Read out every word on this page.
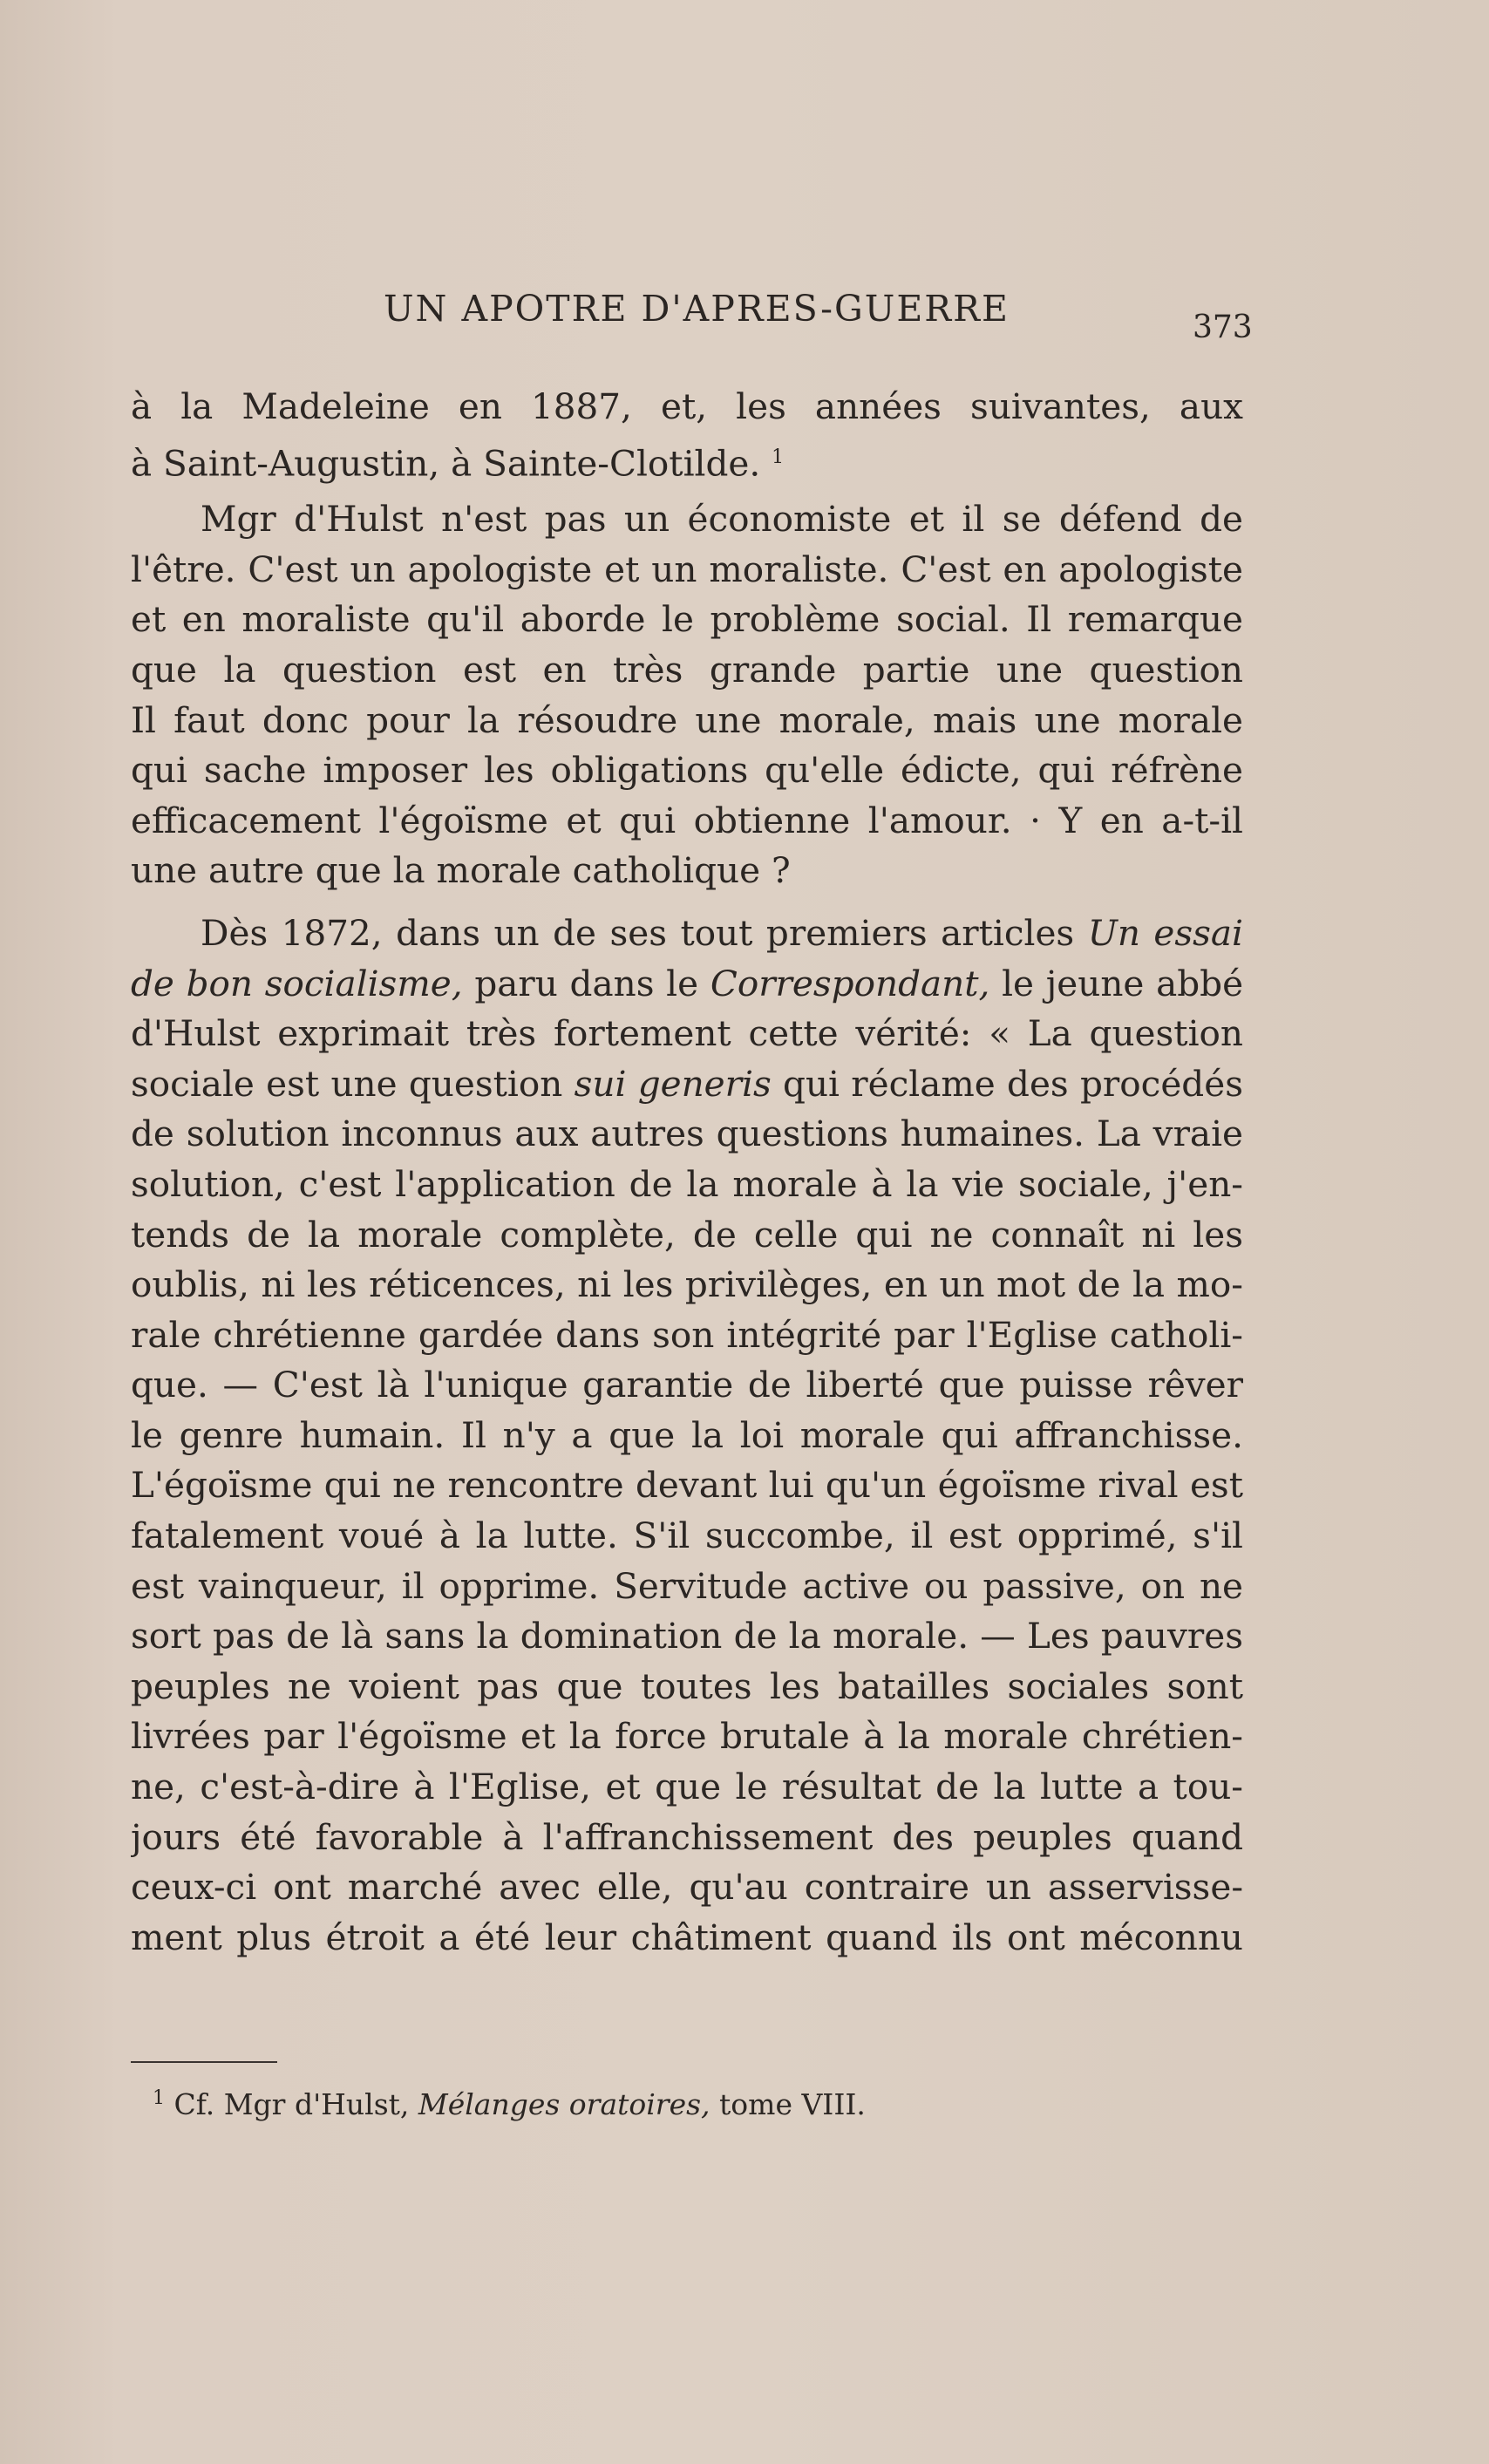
UN APOTRE D'APRES-GUERRE	373
à la Madeleine en 1887, et, les années suivantes, aux
à Saint-Augustin, à Sainte-Clotilde. $^1$
Mgr d'Hulst n'est pas un économiste et il se défend de
l'être. C'est un apologiste et un moraliste. C'est en apologiste
et en moraliste qu'il aborde le problème social. Il remarque
que la question est en très grande partie une question
Il faut donc pour la résoudre une morale, mais une morale
qui sache imposer les obligations qu'elle édicte, qui réfrène
efficacement l'égoïsme et qui obtienne l'amour. · Y en a-t-il
une autre que la morale catholique ?
Dès 1872, dans un de ses tout premiers articles Un essai
de bon socialisme, paru dans le Correspondant, le jeune abbé
d'Hulst exprimait très fortement cette vérité: « La question
sociale est une question sui generis qui réclame des procédés
de solution inconnus aux autres questions humaines. La vraie
solution, c'est l'application de la morale à la vie sociale, j'en-
tends de la morale complète, de celle qui ne connaît ni les
oublis, ni les réticences, ni les privilèges, en un mot de la mo-
rale chrétienne gardée dans son intégrité par l'Eglise catholi-
que. — C'est là l'unique garantie de liberté que puisse rêver
le genre humain. Il n'y a que la loi morale qui affranchisse.
L'égoïsme qui ne rencontre devant lui qu'un égoïsme rival est
fatalement voué à la lutte. S'il succombe, il est opprimé, s'il
est vainqueur, il opprime. Servitude active ou passive, on ne
sort pas de là sans la domination de la morale. — Les pauvres
peuples ne voient pas que toutes les batailles sociales sont
livrées par l'égoïsme et la force brutale à la morale chrétien-
ne, c'est-à-dire à l'Eglise, et que le résultat de la lutte a tou-
jours été favorable à l'affranchissement des peuples quand
ceux-ci ont marché avec elle, qu'au contraire un asservisse-
ment plus étroit a été leur châtiment quand ils ont méconnu
$^1$ Cf. Mgr d'Hulst, Mélanges oratoires, tome VIII.
